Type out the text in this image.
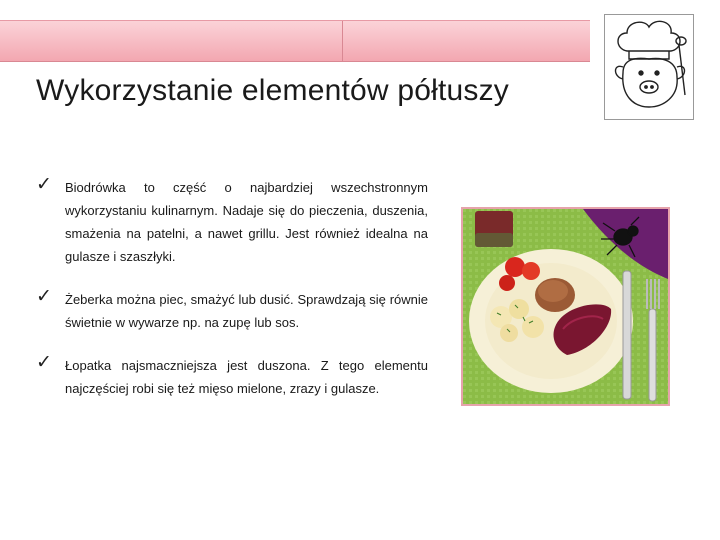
Wykorzystanie elementów półtuszy
✓ Biodrówka to część o najbardziej wszechstronnym wykorzystaniu kulinarnym. Nadaje się do pieczenia, duszenia, smażenia na patelni, a nawet grillu. Jest również idealna na gulasze i szaszłyki.

✓ Żeberka można piec, smażyć lub dusić. Sprawdzają się równie świetnie w wywarze np. na zupę lub sos.

✓ Łopatka najsmaczniejsza jest duszona. Z tego elementu najczęściej robi się też mięso mielone, zrazy i gulasze.
